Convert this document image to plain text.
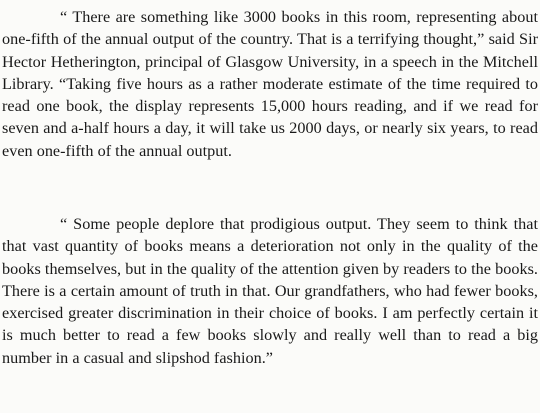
“ There are something like 3000 books in this room, representing about one-fifth of the annual output of the country. That is a terrifying thought,” said Sir Hector Hetherington, principal of Glasgow University, in a speech in the Mitchell Library. “Taking five hours as a rather moderate estimate of the time required to read one book, the display represents 15,000 hours reading, and if we read for seven and a-half hours a day, it will take us 2000 days, or nearly six years, to read even one-fifth of the annual output.

“ Some people deplore that prodigious output. They seem to think that that vast quantity of books means a deterioration not only in the quality of the books themselves, but in the quality of the attention given by readers to the books. There is a certain amount of truth in that. Our grandfathers, who had fewer books, exercised greater discrimination in their choice of books. I am perfectly certain it is much better to read a few books slowly and really well than to read a big number in a casual and slipshod fashion.”
